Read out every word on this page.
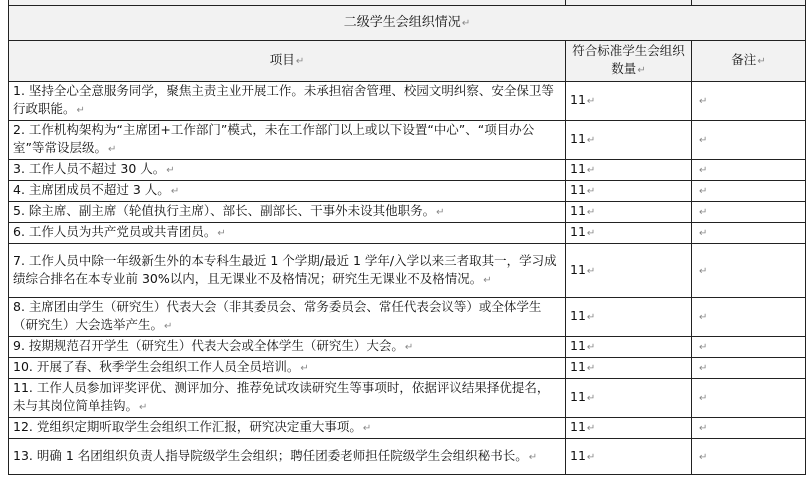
二级学生会组织情况↵		
项目↵	符合标准学生会组织数量↵	备注↵
1. 坚持全心全意服务同学，聚焦主责主业开展工作。未承担宿舍管理、校园文明纠察、安全保卫等行政职能。↵	11↵	↵
2. 工作机构架构为“主席团+工作部门”模式，未在工作部门以上或以下设置“中心”、“项目办公室”等常设层级。↵	11↵	↵
3. 工作人员不超过 30 人。↵	11↵	↵
4. 主席团成员不超过 3 人。↵	11↵	↵
5. 除主席、副主席（轮值执行主席）、部长、副部长、干事外未设其他职务。↵	11↵	↵
6. 工作人员为共产党员或共青团员。↵	11↵	↵
7. 工作人员中除一年级新生外的本专科生最近 1 个学期/最近 1 学年/入学以来三者取其一，学习成绩综合排名在本专业前 30%以内，且无课业不及格情况；研究生无课业不及格情况。↵	11↵	↵
8. 主席团由学生（研究生）代表大会（非其委员会、常务委员会、常任代表会议等）或全体学生（研究生）大会选举产生。↵	11↵	↵
9. 按期规范召开学生（研究生）代表大会或全体学生（研究生）大会。↵	11↵	↵
10. 开展了春、秋季学生会组织工作人员全员培训。↵	11↵	↵
11. 工作人员参加评奖评优、测评加分、推荐免试攻读研究生等事项时，依据评议结果择优提名，未与其岗位简单挂钩。↵	11↵	↵
12. 党组织定期听取学生会组织工作汇报，研究决定重大事项。↵	11↵	↵
13. 明确 1 名团组织负责人指导院级学生会组织；聘任团委老师担任院级学生会组织秘书长。↵	11↵	↵
